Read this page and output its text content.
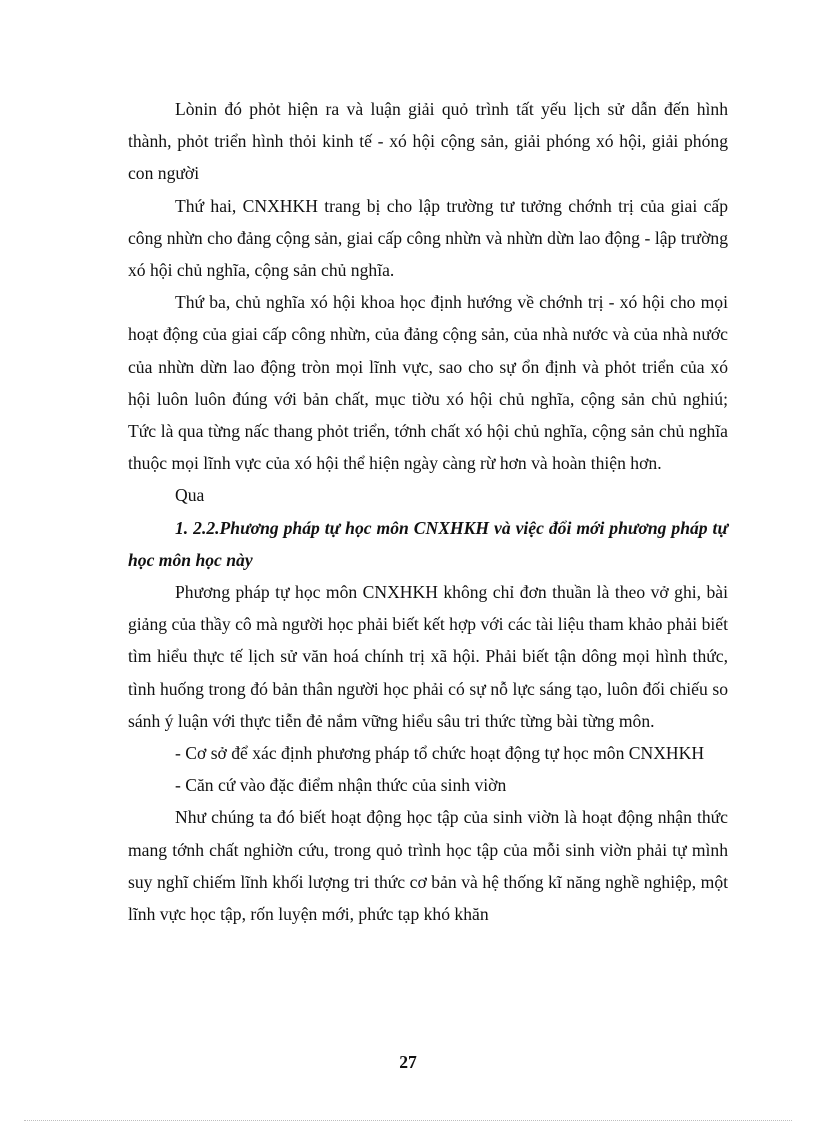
Lònin đó phỏt hiện ra và luận giải quỏ trình tất yếu lịch sử dẫn đến hình thành, phỏt triển hình thỏi kinh tế - xó hội cộng sản, giải phóng xó hội, giải phóng con người

Thứ hai, CNXHKH trang bị cho lập trường tư tưởng chớnh trị của giai cấp công nhừn cho đảng cộng sản, giai cấp công nhừn và nhừn dừn lao động - lập trường xó hội chủ nghĩa, cộng sản chủ nghĩa.

Thứ ba, chủ nghĩa xó hội khoa học định hướng về chớnh trị - xó hội cho mọi hoạt động của giai cấp công nhừn, của đảng cộng sản, của nhà nước và của nhà nước của nhừn dừn lao động tròn mọi lĩnh vực, sao cho sự ổn định và phỏt triển của xó hội luôn luôn đúng với bản chất, mục tiờu xó hội chủ nghĩa, cộng sản chủ nghiú; Tức là qua từng nấc thang phỏt triển, tớnh chất xó hội chủ nghĩa, cộng sản chủ nghĩa thuộc mọi lĩnh vực của xó hội thể hiện ngày càng rừ hơn và hoàn thiện hơn.

Qua

1. 2.2.Phương pháp tự học môn CNXHKH và việc đổi mới phương pháp tự học môn học này

Phương pháp tự học môn CNXHKH không chỉ đơn thuần là theo vở ghi, bài giảng của thầy cô mà người học phải biết kết hợp với các tài liệu tham khảo phải biết tìm hiểu thực tế lịch sử văn hoá chính trị xã hội. Phải biết tận dông mọi hình thức, tình huống trong đó bản thân người học phải có sự nỗ lực sáng tạo, luôn đối chiếu so sánh ý luận với thực tiễn đẻ nắm vững hiểu sâu tri thức từng bài từng môn.

- Cơ sở để xác định phương pháp tổ chức hoạt động tự học môn CNXHKH

- Căn cứ vào đặc điểm nhận thức của sinh viờn

Như chúng ta đó biết hoạt động học tập của sinh viờn là hoạt động nhận thức mang tớnh chất nghiờn cứu, trong quỏ trình học tập của mỗi sinh viờn phải tự mình suy nghĩ chiếm lĩnh khối lượng tri thức cơ bản và hệ thống kĩ năng nghề nghiệp, một lĩnh vực học tập, rốn luyện mới, phức tạp khó khăn

27
